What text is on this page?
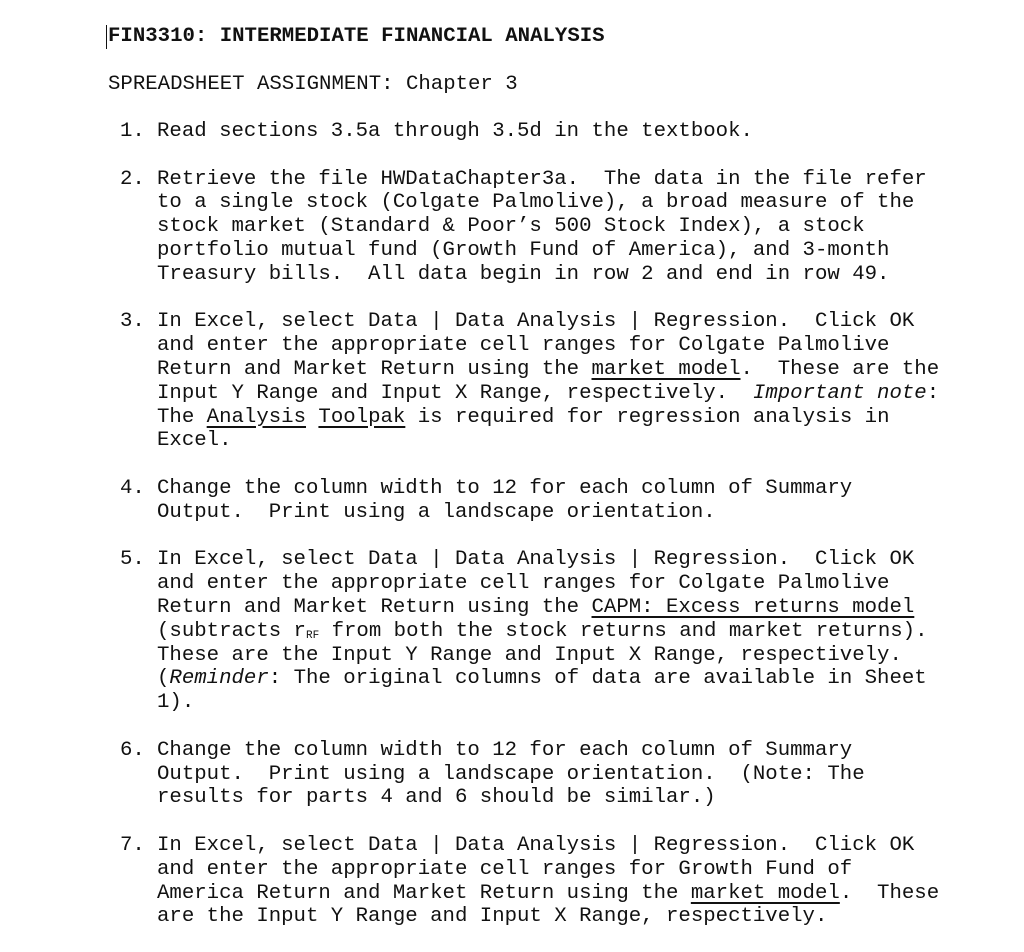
FIN3310: INTERMEDIATE FINANCIAL ANALYSIS
SPREADSHEET ASSIGNMENT: Chapter 3
1. Read sections 3.5a through 3.5d in the textbook.
2. Retrieve the file HWDataChapter3a.  The data in the file refer
to a single stock (Colgate Palmolive), a broad measure of the
stock market (Standard & Poor’s 500 Stock Index), a stock
portfolio mutual fund (Growth Fund of America), and 3-month
Treasury bills.  All data begin in row 2 and end in row 49.
3. In Excel, select Data | Data Analysis | Regression.  Click OK
and enter the appropriate cell ranges for Colgate Palmolive
Return and Market Return using the market model.  These are the
Input Y Range and Input X Range, respectively.  Important note:
The Analysis Toolpak is required for regression analysis in
Excel.
4. Change the column width to 12 for each column of Summary
Output.  Print using a landscape orientation.
5. In Excel, select Data | Data Analysis | Regression.  Click OK
and enter the appropriate cell ranges for Colgate Palmolive
Return and Market Return using the CAPM: Excess returns model
(subtracts rRF from both the stock returns and market returns).
These are the Input Y Range and Input X Range, respectively.
(Reminder: The original columns of data are available in Sheet
1).
6. Change the column width to 12 for each column of Summary
Output.  Print using a landscape orientation.  (Note: The
results for parts 4 and 6 should be similar.)
7. In Excel, select Data | Data Analysis | Regression.  Click OK
and enter the appropriate cell ranges for Growth Fund of
America Return and Market Return using the market model.  These
are the Input Y Range and Input X Range, respectively.
